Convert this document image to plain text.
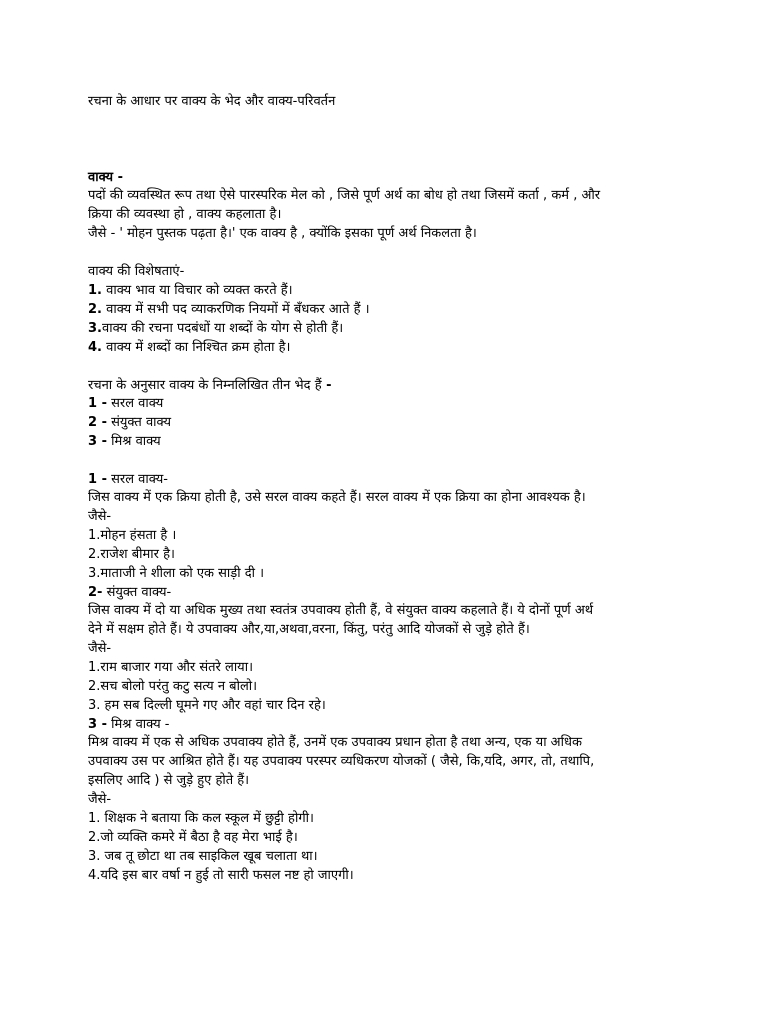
रचना के आधार पर वाक्य के भेद और वाक्य-परिवर्तन
वाक्य -
पदों की व्यवस्थित रूप तथा ऐसे पारस्परिक मेल को , जिसे पूर्ण अर्थ का बोध हो तथा जिसमें कर्ता , कर्म , और
क्रिया की व्यवस्था हो , वाक्य कहलाता है।
जैसे - ' मोहन पुस्तक पढ़ता है।' एक वाक्य है , क्योंकि इसका पूर्ण अर्थ निकलता है।
वाक्य की विशेषताएं-
1. वाक्य भाव या विचार को व्यक्त करते हैं।
2. वाक्य में सभी पद व्याकरणिक नियमों में बँधकर आते हैं ।
3.वाक्य की रचना पदबंधों या शब्दों के योग से होती हैं।
4. वाक्य में शब्दों का निश्चित क्रम होता है।
रचना के अनुसार वाक्य के निम्नलिखित तीन भेद हैं -
1 - सरल वाक्य
2 - संयुक्त वाक्य
3 - मिश्र वाक्य
1 - सरल वाक्य-
जिस वाक्य में एक क्रिया होती है, उसे सरल वाक्य कहते हैं। सरल वाक्य में एक क्रिया का होना आवश्यक है।
जैसे-
1.मोहन हंसता है ।
2.राजेश बीमार है।
3.माताजी ने शीला को एक साड़ी दी ।
2- संयुक्त वाक्य-
जिस वाक्य में दो या अधिक मुख्य तथा स्वतंत्र उपवाक्य होती हैं, वे संयुक्त वाक्य कहलाते हैं। ये दोनों पूर्ण अर्थ
देने में सक्षम होते हैं। ये उपवाक्य और,या,अथवा,वरना, किंतु, परंतु आदि योजकों से जुड़े होते हैं।
जैसे-
1.राम बाजार गया और संतरे लाया।
2.सच बोलो परंतु कटु सत्य न बोलो।
3. हम सब दिल्ली घूमने गए और वहां चार दिन रहे।
3 - मिश्र वाक्य -
मिश्र वाक्य में एक से अधिक उपवाक्य होते हैं, उनमें एक उपवाक्य प्रधान होता है तथा अन्य, एक या अधिक
उपवाक्य उस पर आश्रित होते हैं। यह उपवाक्य परस्पर व्यधिकरण योजकों ( जैसे, कि,यदि, अगर, तो, तथापि,
इसलिए आदि ) से जुड़े हुए होते हैं।
जैसे-
1. शिक्षक ने बताया कि कल स्कूल में छुट्टी होगी।
2.जो व्यक्ति कमरे में बैठा है वह मेरा भाई है।
3. जब तू छोटा था तब साइकिल खूब चलाता था।
4.यदि इस बार वर्षा न हुई तो सारी फसल नष्ट हो जाएगी।
